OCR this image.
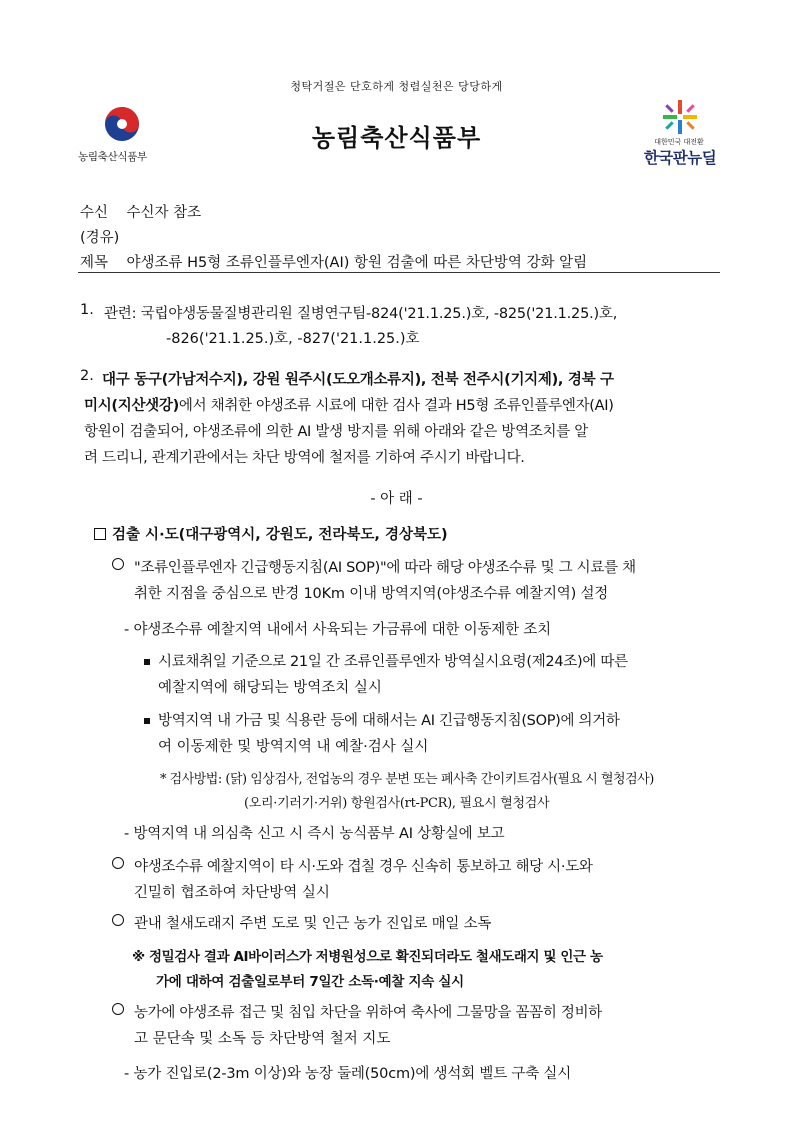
청탁거절은 단호하게 청렴실천은 당당하게
농림축산식품부
농림축산식품부	대한민국 대전환
한국판뉴딜
수신 수신자 참조
(경유)
제목 야생조류 H5형 조류인플루엔자(AI) 항원 검출에 따른 차단방역 강화 알림
1. 관련: 국립야생동물질병관리원 질병연구팀-824('21.1.25.)호, -825('21.1.25.)호,
-826('21.1.25.)호, -827('21.1.25.)호
2. 대구 동구(가남저수지), 강원 원주시(도오개소류지), 전북 전주시(기지제), 경북 구
미시(지산샛강)에서 채취한 야생조류 시료에 대한 검사 결과 H5형 조류인플루엔자(AI)
항원이 검출되어, 야생조류에 의한 AI 발생 방지를 위해 아래와 같은 방역조치를 알
려 드리니, 관계기관에서는 차단 방역에 철저를 기하여 주시기 바랍니다.
- 아 래 -
검출 시·도(대구광역시, 강원도, 전라북도, 경상북도)
"조류인플루엔자 긴급행동지침(AI SOP)"에 따라 해당 야생조수류 및 그 시료를 채
취한 지점을 중심으로 반경 10Km 이내 방역지역(야생조수류 예찰지역) 설정
- 야생조수류 예찰지역 내에서 사육되는 가금류에 대한 이동제한 조치
시료채취일 기준으로 21일 간 조류인플루엔자 방역실시요령(제24조)에 따른
예찰지역에 해당되는 방역조치 실시
방역지역 내 가금 및 식용란 등에 대해서는 AI 긴급행동지침(SOP)에 의거하
여 이동제한 및 방역지역 내 예찰·검사 실시
* 검사방법: (닭) 임상검사, 전업농의 경우 분변 또는 폐사축 간이키트검사(필요 시 혈청검사)
(오리·기러기·거위) 항원검사(rt-PCR), 필요시 혈청검사
- 방역지역 내 의심축 신고 시 즉시 농식품부 AI 상황실에 보고
야생조수류 예찰지역이 타 시·도와 겹칠 경우 신속히 통보하고 해당 시·도와
긴밀히 협조하여 차단방역 실시
관내 철새도래지 주변 도로 및 인근 농가 진입로 매일 소독
※ 정밀검사 결과 AI바이러스가 저병원성으로 확진되더라도 철새도래지 및 인근 농
가에 대하여 검출일로부터 7일간 소독·예찰 지속 실시
농가에 야생조류 접근 및 침입 차단을 위하여 축사에 그물망을 꼼꼼히 정비하
고 문단속 및 소독 등 차단방역 철저 지도
- 농가 진입로(2-3m 이상)와 농장 둘레(50cm)에 생석회 벨트 구축 실시
